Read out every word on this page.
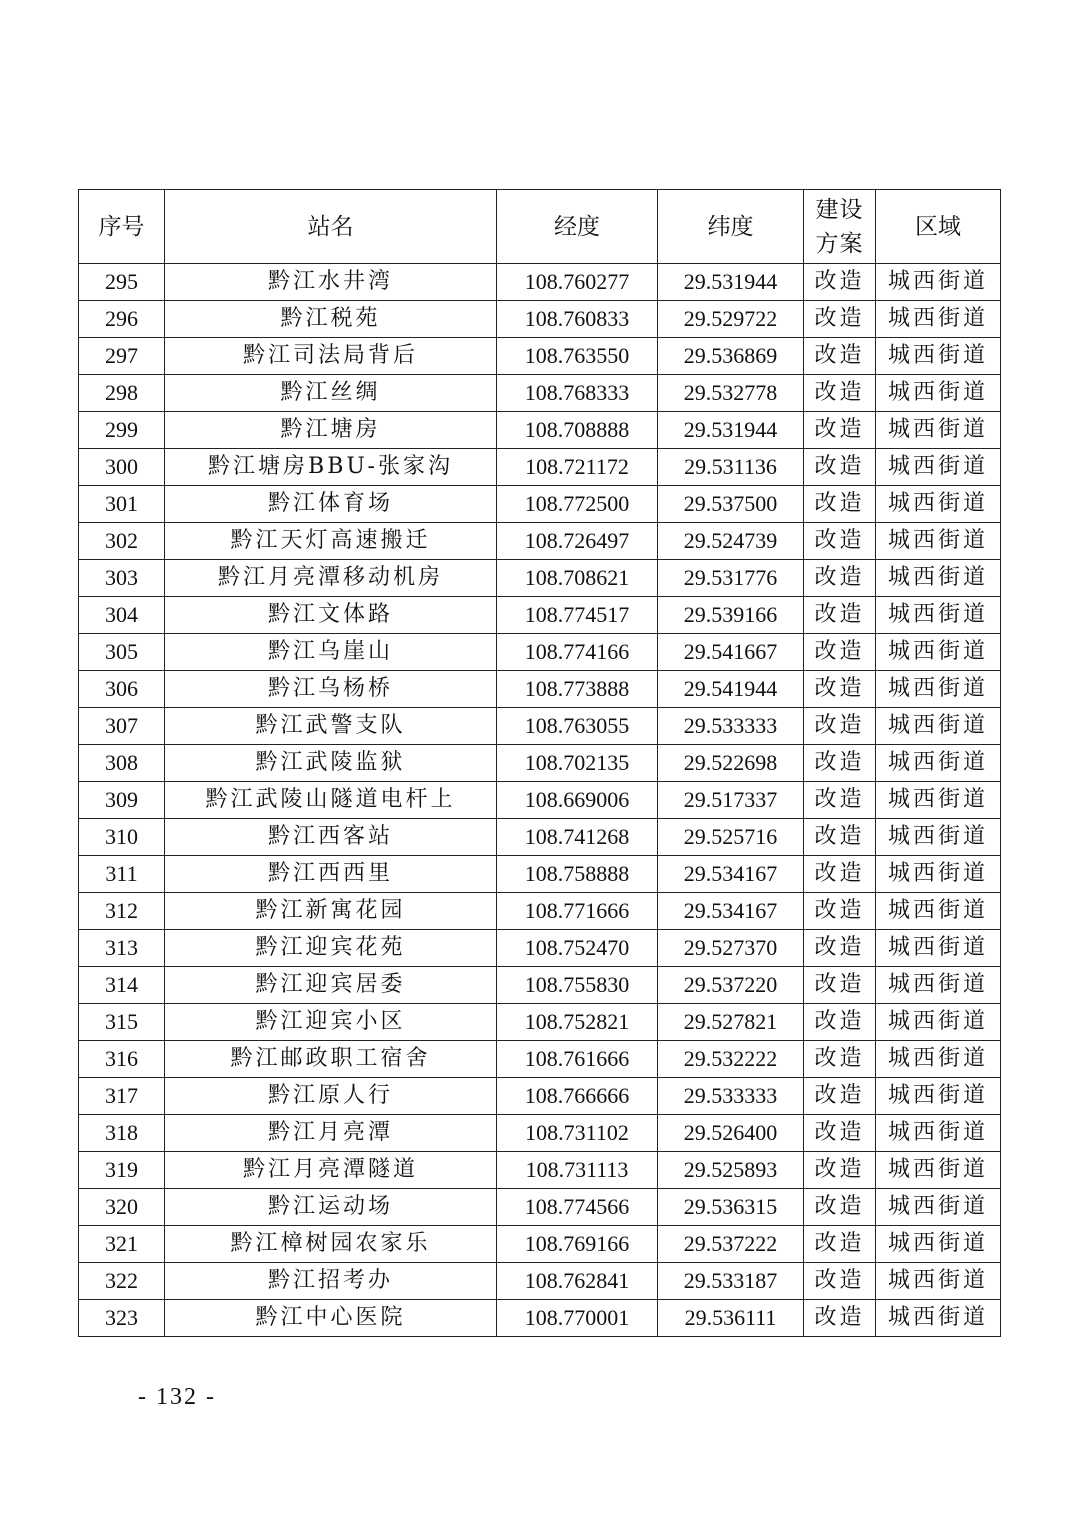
序号	站名	经度	纬度	建设方案	区域
295	黔江水井湾	108.760277	29.531944	改造	城西街道
296	黔江税苑	108.760833	29.529722	改造	城西街道
297	黔江司法局背后	108.763550	29.536869	改造	城西街道
298	黔江丝绸	108.768333	29.532778	改造	城西街道
299	黔江塘房	108.708888	29.531944	改造	城西街道
300	黔江塘房BBU-张家沟	108.721172	29.531136	改造	城西街道
301	黔江体育场	108.772500	29.537500	改造	城西街道
302	黔江天灯高速搬迁	108.726497	29.524739	改造	城西街道
303	黔江月亮潭移动机房	108.708621	29.531776	改造	城西街道
304	黔江文体路	108.774517	29.539166	改造	城西街道
305	黔江乌崖山	108.774166	29.541667	改造	城西街道
306	黔江乌杨桥	108.773888	29.541944	改造	城西街道
307	黔江武警支队	108.763055	29.533333	改造	城西街道
308	黔江武陵监狱	108.702135	29.522698	改造	城西街道
309	黔江武陵山隧道电杆上	108.669006	29.517337	改造	城西街道
310	黔江西客站	108.741268	29.525716	改造	城西街道
311	黔江西西里	108.758888	29.534167	改造	城西街道
312	黔江新寓花园	108.771666	29.534167	改造	城西街道
313	黔江迎宾花苑	108.752470	29.527370	改造	城西街道
314	黔江迎宾居委	108.755830	29.537220	改造	城西街道
315	黔江迎宾小区	108.752821	29.527821	改造	城西街道
316	黔江邮政职工宿舍	108.761666	29.532222	改造	城西街道
317	黔江原人行	108.766666	29.533333	改造	城西街道
318	黔江月亮潭	108.731102	29.526400	改造	城西街道
319	黔江月亮潭隧道	108.731113	29.525893	改造	城西街道
320	黔江运动场	108.774566	29.536315	改造	城西街道
321	黔江樟树园农家乐	108.769166	29.537222	改造	城西街道
322	黔江招考办	108.762841	29.533187	改造	城西街道
323	黔江中心医院	108.770001	29.536111	改造	城西街道
- 132 -
